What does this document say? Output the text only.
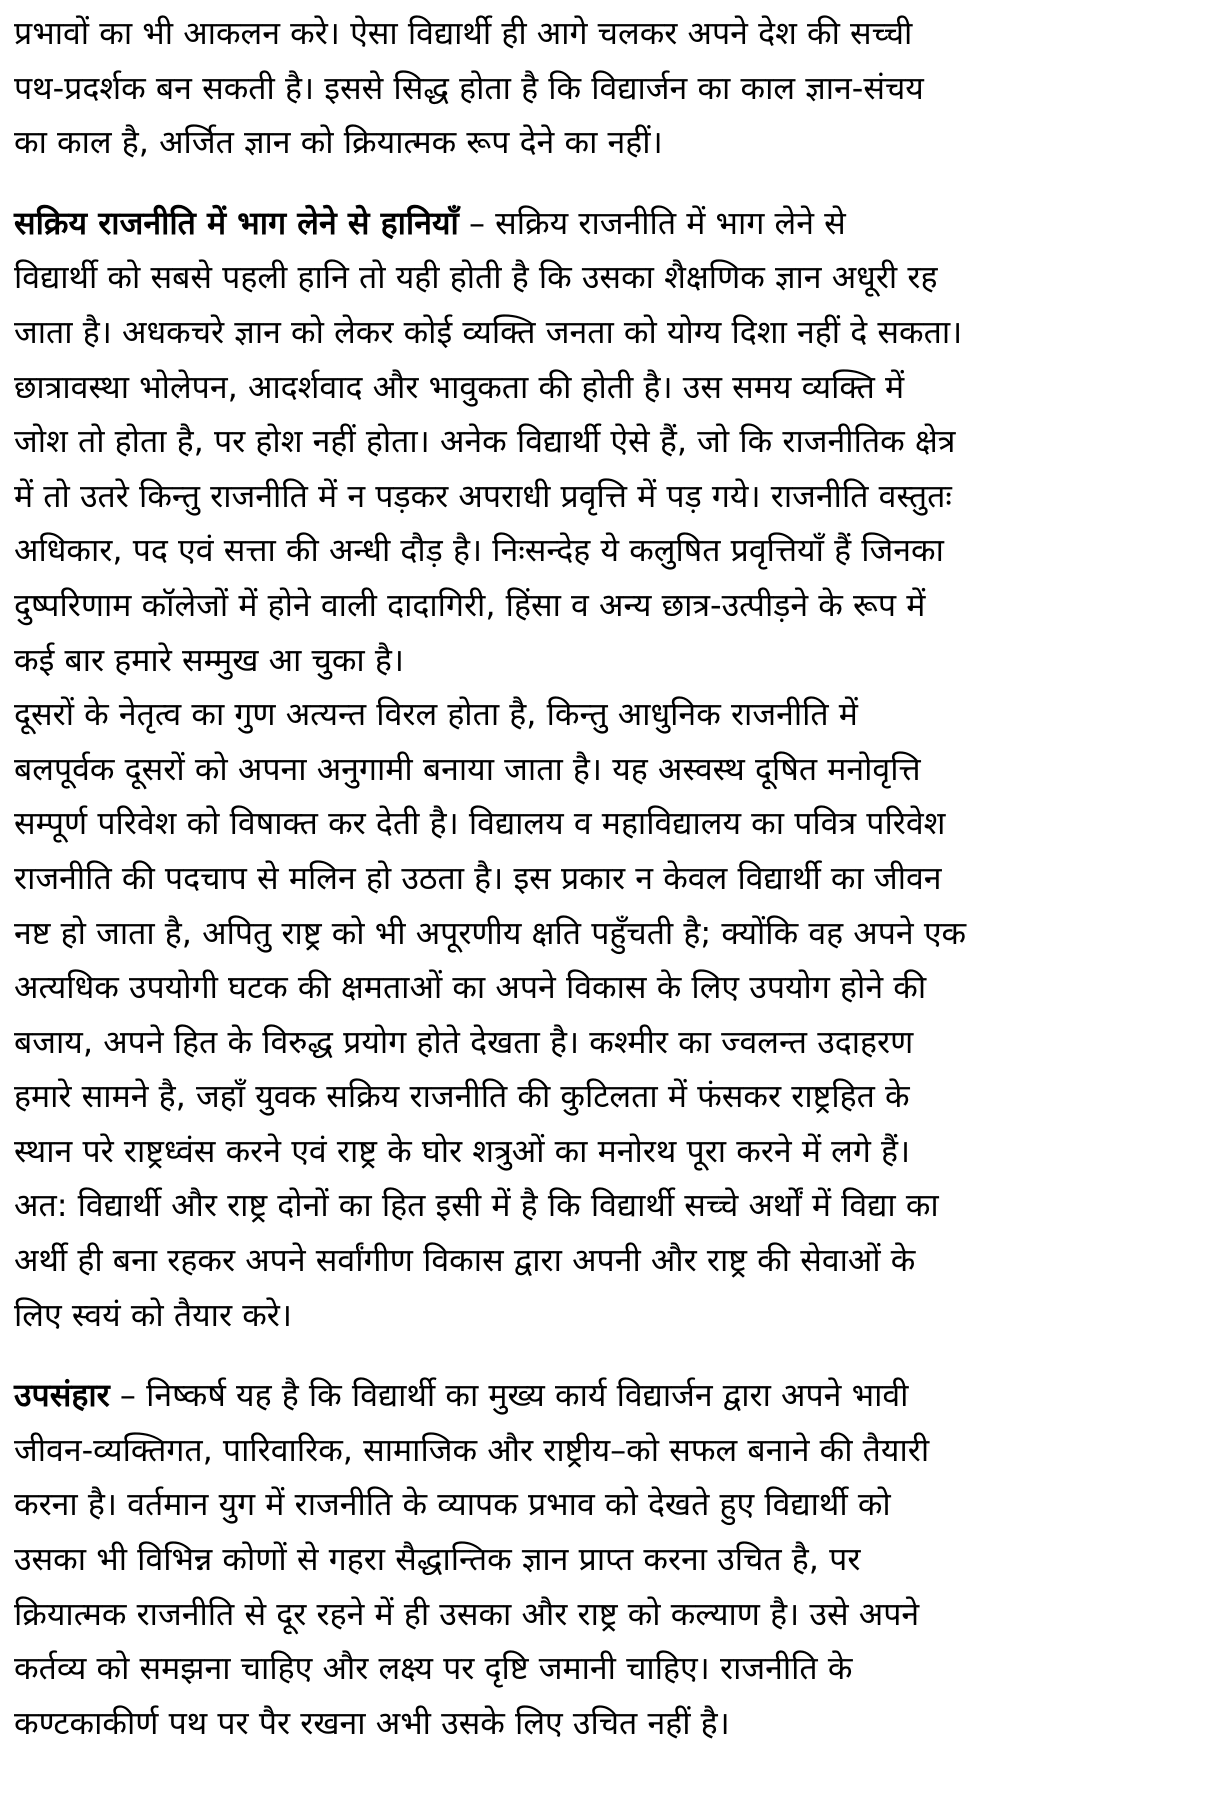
प्रभावों का भी आकलन करे। ऐसा विद्यार्थी ही आगे चलकर अपने देश की सच्ची
पथ-प्रदर्शक बन सकती है। इससे सिद्ध होता है कि विद्यार्जन का काल ज्ञान-संचय
का काल है, अर्जित ज्ञान को क्रियात्मक रूप देने का नहीं।
सक्रिय राजनीति में भाग लेने से हानियाँ – सक्रिय राजनीति में भाग लेने से
विद्यार्थी को सबसे पहली हानि तो यही होती है कि उसका शैक्षणिक ज्ञान अधूरी रह
जाता है। अधकचरे ज्ञान को लेकर कोई व्यक्ति जनता को योग्य दिशा नहीं दे सकता।
छात्रावस्था भोलेपन, आदर्शवाद और भावुकता की होती है। उस समय व्यक्ति में
जोश तो होता है, पर होश नहीं होता। अनेक विद्यार्थी ऐसे हैं, जो कि राजनीतिक क्षेत्र
में तो उतरे किन्तु राजनीति में न पड़कर अपराधी प्रवृत्ति में पड़ गये। राजनीति वस्तुतः
अधिकार, पद एवं सत्ता की अन्धी दौड़ है। निःसन्देह ये कलुषित प्रवृत्तियाँ हैं जिनका
दुष्परिणाम कॉलेजों में होने वाली दादागिरी, हिंसा व अन्य छात्र-उत्पीड़ने के रूप में
कई बार हमारे सम्मुख आ चुका है।
दूसरों के नेतृत्व का गुण अत्यन्त विरल होता है, किन्तु आधुनिक राजनीति में
बलपूर्वक दूसरों को अपना अनुगामी बनाया जाता है। यह अस्वस्थ दूषित मनोवृत्ति
सम्पूर्ण परिवेश को विषाक्त कर देती है। विद्यालय व महाविद्यालय का पवित्र परिवेश
राजनीति की पदचाप से मलिन हो उठता है। इस प्रकार न केवल विद्यार्थी का जीवन
नष्ट हो जाता है, अपितु राष्ट्र को भी अपूरणीय क्षति पहुँचती है; क्योंकि वह अपने एक
अत्यधिक उपयोगी घटक की क्षमताओं का अपने विकास के लिए उपयोग होने की
बजाय, अपने हित के विरुद्ध प्रयोग होते देखता है। कश्मीर का ज्वलन्त उदाहरण
हमारे सामने है, जहाँ युवक सक्रिय राजनीति की कुटिलता में फंसकर राष्ट्रहित के
स्थान परे राष्ट्रध्वंस करने एवं राष्ट्र के घोर शत्रुओं का मनोरथ पूरा करने में लगे हैं।
अत: विद्यार्थी और राष्ट्र दोनों का हित इसी में है कि विद्यार्थी सच्चे अर्थों में विद्या का
अर्थी ही बना रहकर अपने सर्वांगीण विकास द्वारा अपनी और राष्ट्र की सेवाओं के
लिए स्वयं को तैयार करे।
उपसंहार – निष्कर्ष यह है कि विद्यार्थी का मुख्य कार्य विद्यार्जन द्वारा अपने भावी
जीवन-व्यक्तिगत, पारिवारिक, सामाजिक और राष्ट्रीय–को सफल बनाने की तैयारी
करना है। वर्तमान युग में राजनीति के व्यापक प्रभाव को देखते हुए विद्यार्थी को
उसका भी विभिन्न कोणों से गहरा सैद्धान्तिक ज्ञान प्राप्त करना उचित है, पर
क्रियात्मक राजनीति से दूर रहने में ही उसका और राष्ट्र को कल्याण है। उसे अपने
कर्तव्य को समझना चाहिए और लक्ष्य पर दृष्टि जमानी चाहिए। राजनीति के
कण्टकाकीर्ण पथ पर पैर रखना अभी उसके लिए उचित नहीं है।
